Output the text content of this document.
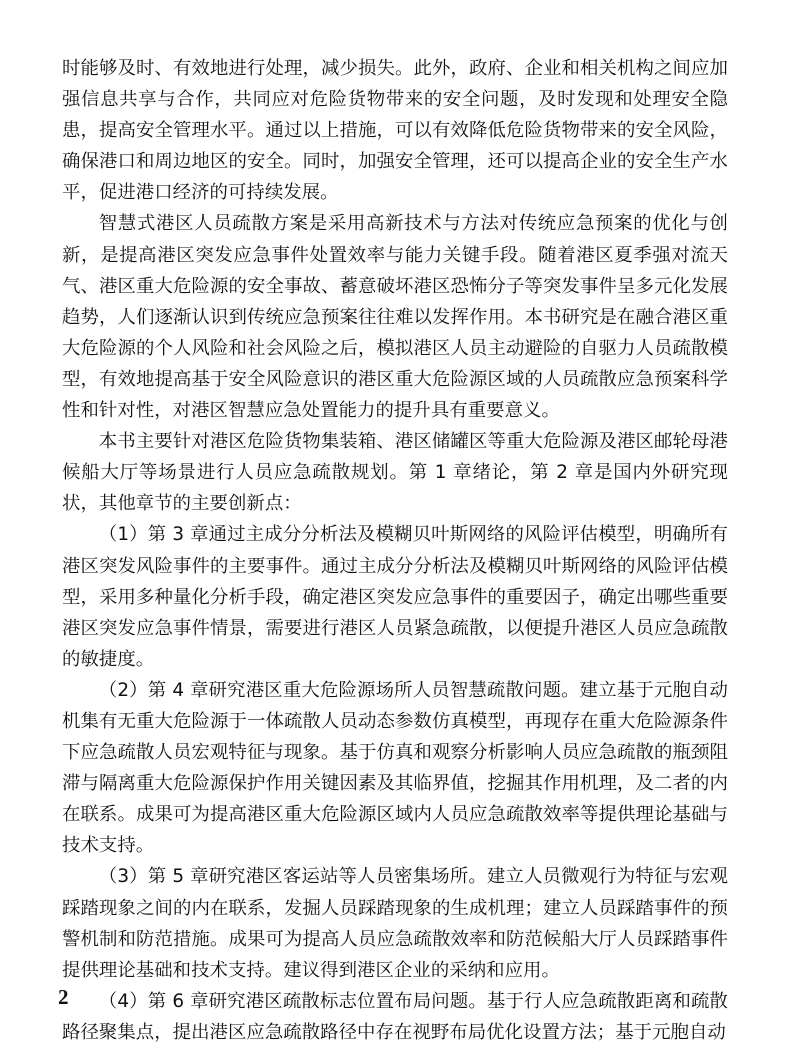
时能够及时、有效地进行处理，减少损失。此外，政府、企业和相关机构之间应加强信息共享与合作，共同应对危险货物带来的安全问题，及时发现和处理安全隐患，提高安全管理水平。通过以上措施，可以有效降低危险货物带来的安全风险，确保港口和周边地区的安全。同时，加强安全管理，还可以提高企业的安全生产水平，促进港口经济的可持续发展。

智慧式港区人员疏散方案是采用高新技术与方法对传统应急预案的优化与创新，是提高港区突发应急事件处置效率与能力关键手段。随着港区夏季强对流天气、港区重大危险源的安全事故、蓄意破坏港区恐怖分子等突发事件呈多元化发展趋势，人们逐渐认识到传统应急预案往往难以发挥作用。本书研究是在融合港区重大危险源的个人风险和社会风险之后，模拟港区人员主动避险的自驱力人员疏散模型，有效地提高基于安全风险意识的港区重大危险源区域的人员疏散应急预案科学性和针对性，对港区智慧应急处置能力的提升具有重要意义。

本书主要针对港区危险货物集装箱、港区储罐区等重大危险源及港区邮轮母港候船大厅等场景进行人员应急疏散规划。第 1 章绪论，第 2 章是国内外研究现状，其他章节的主要创新点：

（1）第 3 章通过主成分分析法及模糊贝叶斯网络的风险评估模型，明确所有港区突发风险事件的主要事件。通过主成分分析法及模糊贝叶斯网络的风险评估模型，采用多种量化分析手段，确定港区突发应急事件的重要因子，确定出哪些重要港区突发应急事件情景，需要进行港区人员紧急疏散，以便提升港区人员应急疏散的敏捷度。

（2）第 4 章研究港区重大危险源场所人员智慧疏散问题。建立基于元胞自动机集有无重大危险源于一体疏散人员动态参数仿真模型，再现存在重大危险源条件下应急疏散人员宏观特征与现象。基于仿真和观察分析影响人员应急疏散的瓶颈阻滞与隔离重大危险源保护作用关键因素及其临界值，挖掘其作用机理，及二者的内在联系。成果可为提高港区重大危险源区域内人员应急疏散效率等提供理论基础与技术支持。

（3）第 5 章研究港区客运站等人员密集场所。建立人员微观行为特征与宏观踩踏现象之间的内在联系，发掘人员踩踏现象的生成机理；建立人员踩踏事件的预警机制和防范措施。成果可为提高人员应急疏散效率和防范候船大厅人员踩踏事件提供理论基础和技术支持。建议得到港区企业的采纳和应用。

（4）第 6 章研究港区疏散标志位置布局问题。基于行人应急疏散距离和疏散路径聚集点，提出港区应急疏散路径中存在视野布局优化设置方法；基于元胞自动

2
